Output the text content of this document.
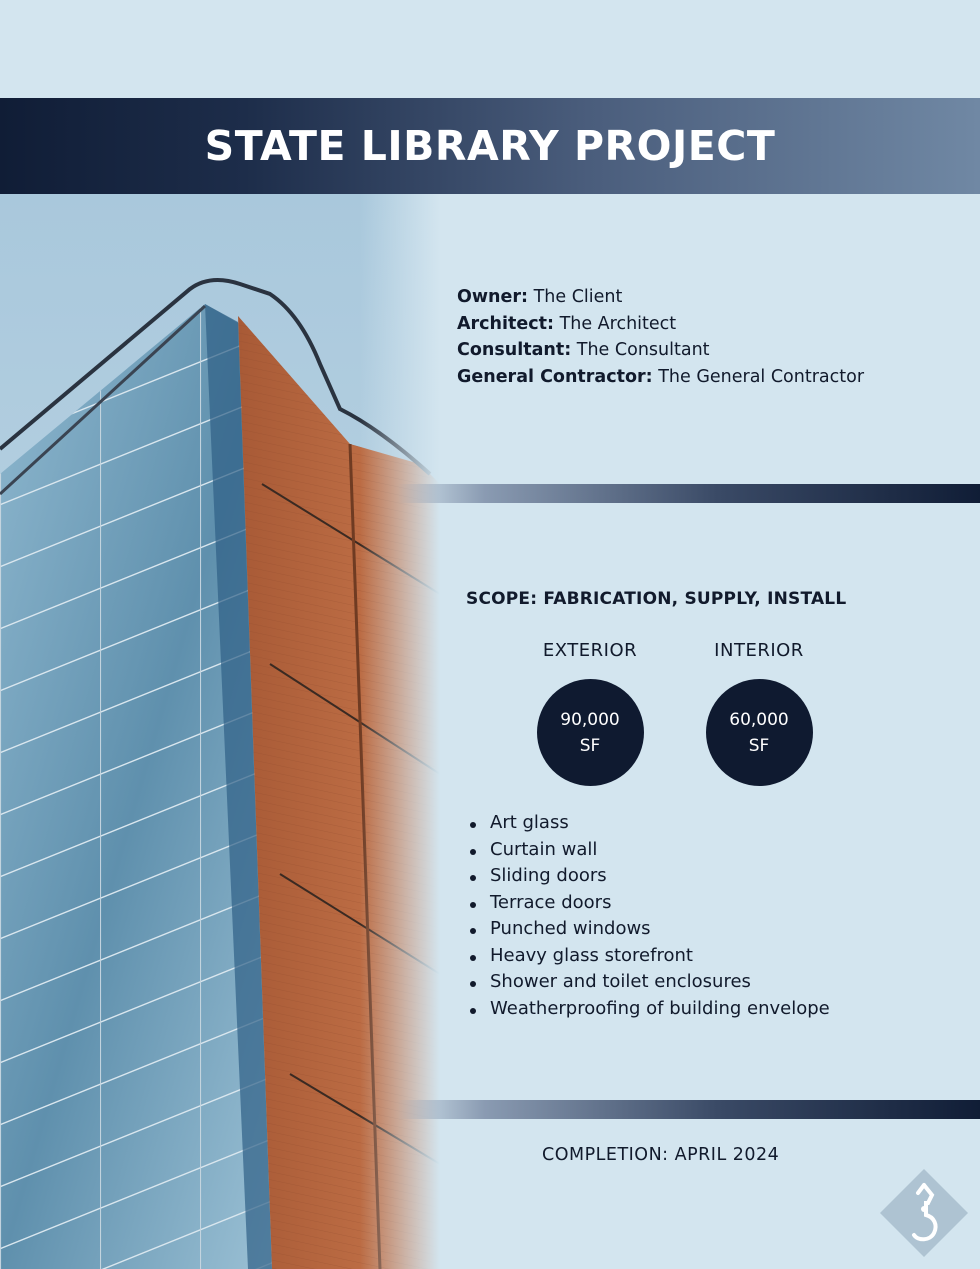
STATE LIBRARY PROJECT
Owner: The Client
Architect: The Architect
Consultant: The Consultant
General Contractor: The General Contractor
SCOPE: FABRICATION, SUPPLY, INSTALL
EXTERIOR
90,000
SF
INTERIOR
60,000
SF
Art glass
Curtain wall
Sliding doors
Terrace doors
Punched windows
Heavy glass storefront
Shower and toilet enclosures
Weatherproofing of building envelope
COMPLETION: APRIL 2024
